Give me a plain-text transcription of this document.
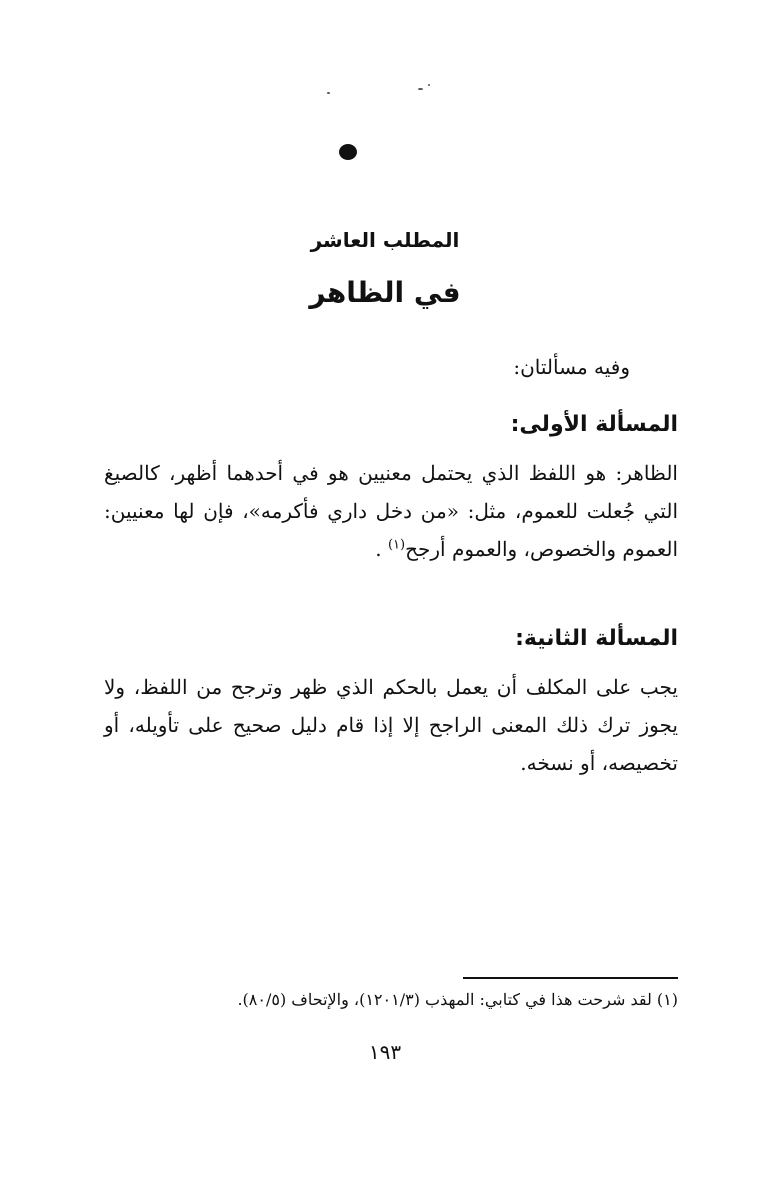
المطلب العاشر
في الظاهر
وفيه مسألتان:
المسألة الأولى:
الظاهر: هو اللفظ الذي يحتمل معنيين هو في أحدهما أظهر، كالصيغ التي جُعلت للعموم، مثل: «من دخل داري فأكرمه»، فإن لها معنيين: العموم والخصوص، والعموم أرجح$^{(١)}$ .
المسألة الثانية:
يجب على المكلف أن يعمل بالحكم الذي ظهر وترجح من اللفظ، ولا يجوز ترك ذلك المعنى الراجح إلا إذا قام دليل صحيح على تأويله، أو تخصيصه، أو نسخه.
(١) لقد شرحت هذا في كتابي: المهذب (١٢٠١/٣)، والإتحاف (٨٠/٥).
١٩٣
